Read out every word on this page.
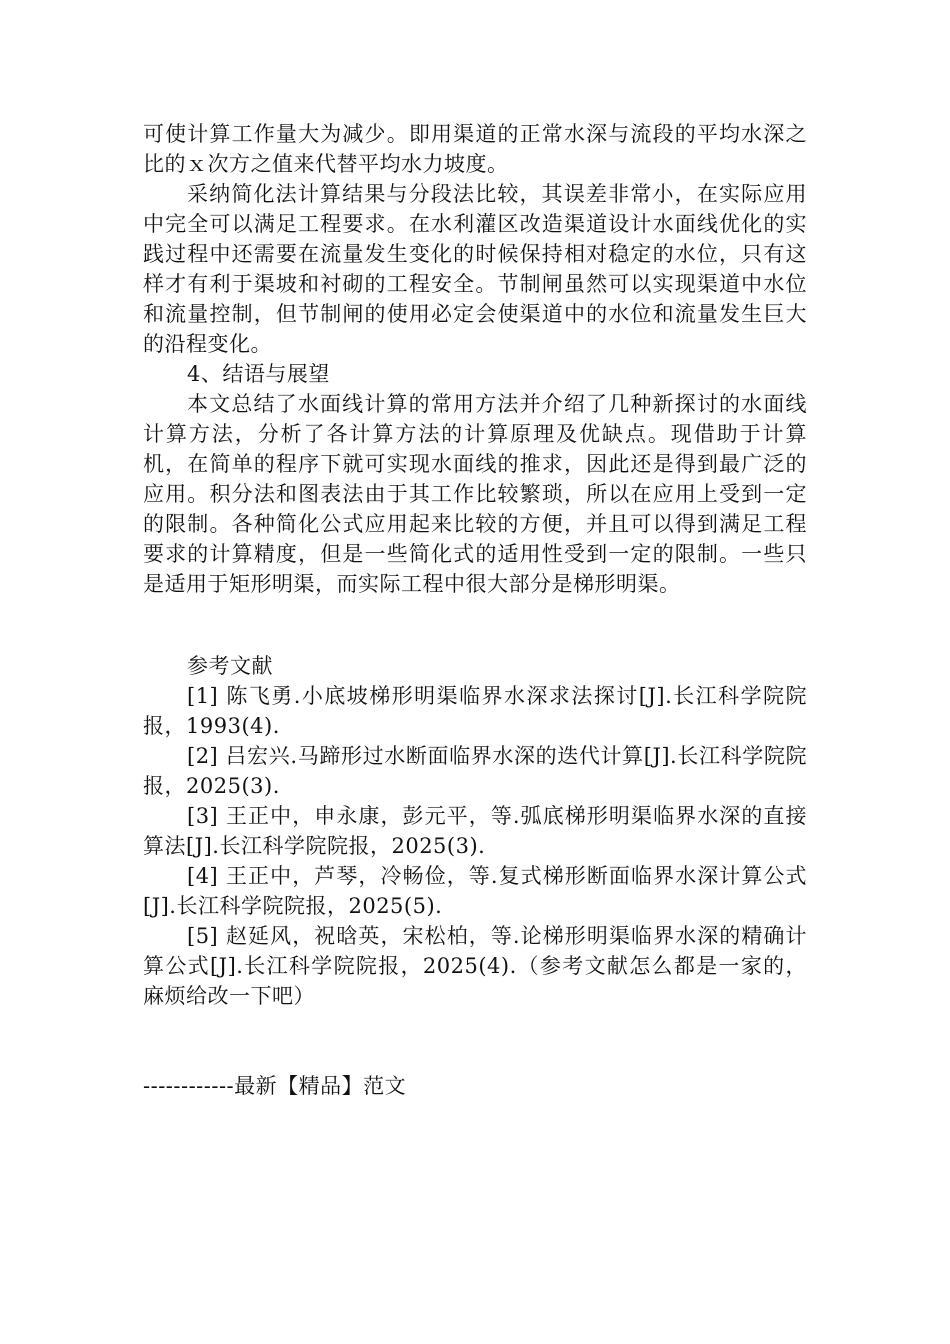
可使计算工作量大为减少。即用渠道的正常水深与流段的平均水深之比的ｘ次方之值来代替平均水力坡度。

采纳简化法计算结果与分段法比较，其误差非常小，在实际应用中完全可以满足工程要求。在水利灌区改造渠道设计水面线优化的实践过程中还需要在流量发生变化的时候保持相对稳定的水位，只有这样才有利于渠坡和衬砌的工程安全。节制闸虽然可以实现渠道中水位和流量控制，但节制闸的使用必定会使渠道中的水位和流量发生巨大的沿程变化。

4、结语与展望

本文总结了水面线计算的常用方法并介绍了几种新探讨的水面线计算方法，分析了各计算方法的计算原理及优缺点。现借助于计算机，在简单的程序下就可实现水面线的推求，因此还是得到最广泛的应用。积分法和图表法由于其工作比较繁琐，所以在应用上受到一定的限制。各种简化公式应用起来比较的方便，并且可以得到满足工程要求的计算精度，但是一些简化式的适用性受到一定的限制。一些只是适用于矩形明渠，而实际工程中很大部分是梯形明渠。

参考文献

[1] 陈飞勇.小底坡梯形明渠临界水深求法探讨[J].长江科学院院报，1993(4).

[2] 吕宏兴.马蹄形过水断面临界水深的迭代计算[J].长江科学院院报，2025(3).

[3] 王正中，申永康，彭元平，等.弧底梯形明渠临界水深的直接算法[J].长江科学院院报，2025(3).

[4] 王正中，芦琴，冷畅俭，等.复式梯形断面临界水深计算公式[J].长江科学院院报，2025(5).

[5] 赵延风，祝晗英，宋松柏，等.论梯形明渠临界水深的精确计算公式[J].长江科学院院报，2025(4).（参考文献怎么都是一家的，麻烦给改一下吧）

------------最新【精品】范文
